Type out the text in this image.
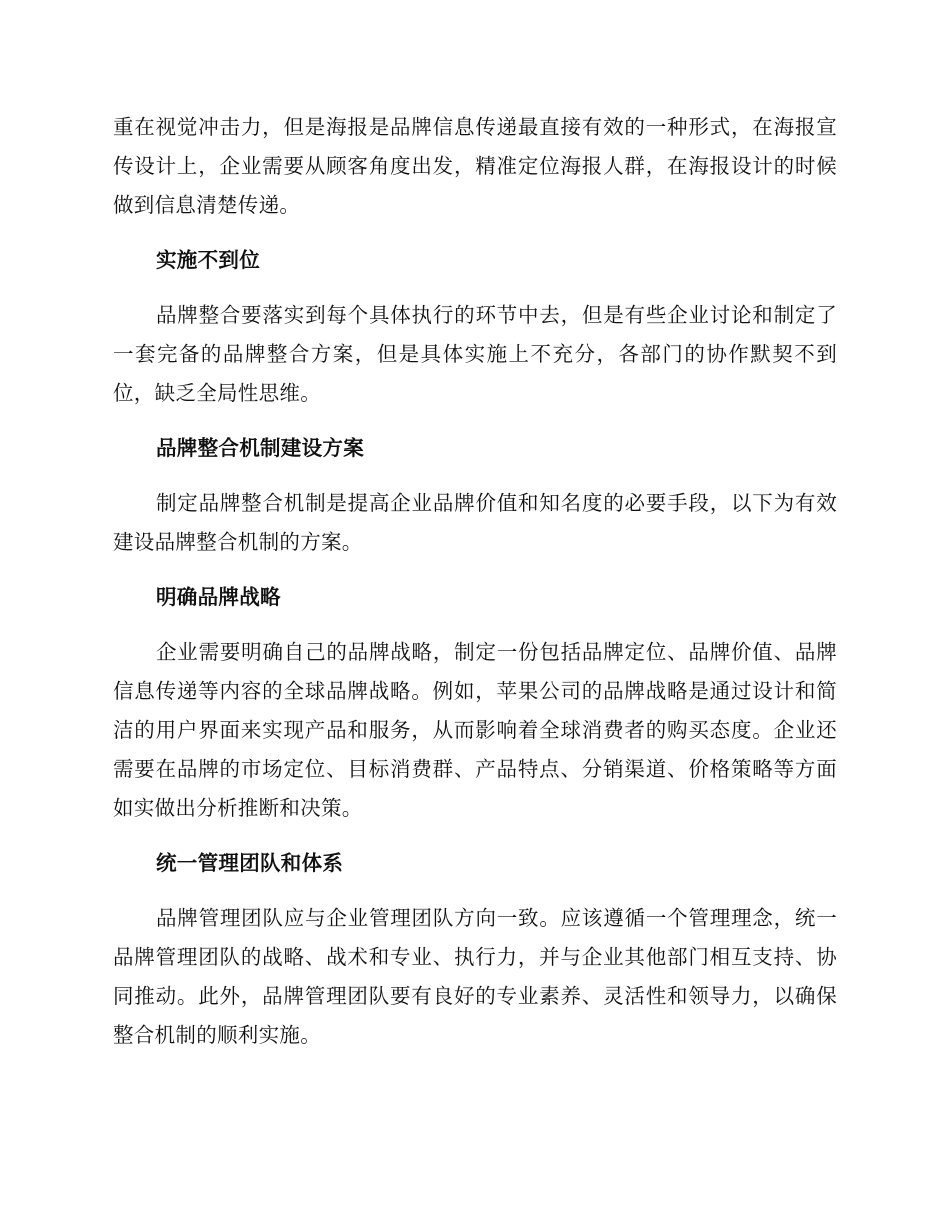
重在视觉冲击力，但是海报是品牌信息传递最直接有效的一种形式，在海报宣传设计上，企业需要从顾客角度出发，精准定位海报人群，在海报设计的时候做到信息清楚传递。

实施不到位

品牌整合要落实到每个具体执行的环节中去，但是有些企业讨论和制定了一套完备的品牌整合方案，但是具体实施上不充分，各部门的协作默契不到位，缺乏全局性思维。

品牌整合机制建设方案

制定品牌整合机制是提高企业品牌价值和知名度的必要手段，以下为有效建设品牌整合机制的方案。

明确品牌战略

企业需要明确自己的品牌战略，制定一份包括品牌定位、品牌价值、品牌信息传递等内容的全球品牌战略。例如，苹果公司的品牌战略是通过设计和简洁的用户界面来实现产品和服务，从而影响着全球消费者的购买态度。企业还需要在品牌的市场定位、目标消费群、产品特点、分销渠道、价格策略等方面如实做出分析推断和决策。

统一管理团队和体系

品牌管理团队应与企业管理团队方向一致。应该遵循一个管理理念，统一品牌管理团队的战略、战术和专业、执行力，并与企业其他部门相互支持、协同推动。此外，品牌管理团队要有良好的专业素养、灵活性和领导力，以确保整合机制的顺利实施。
